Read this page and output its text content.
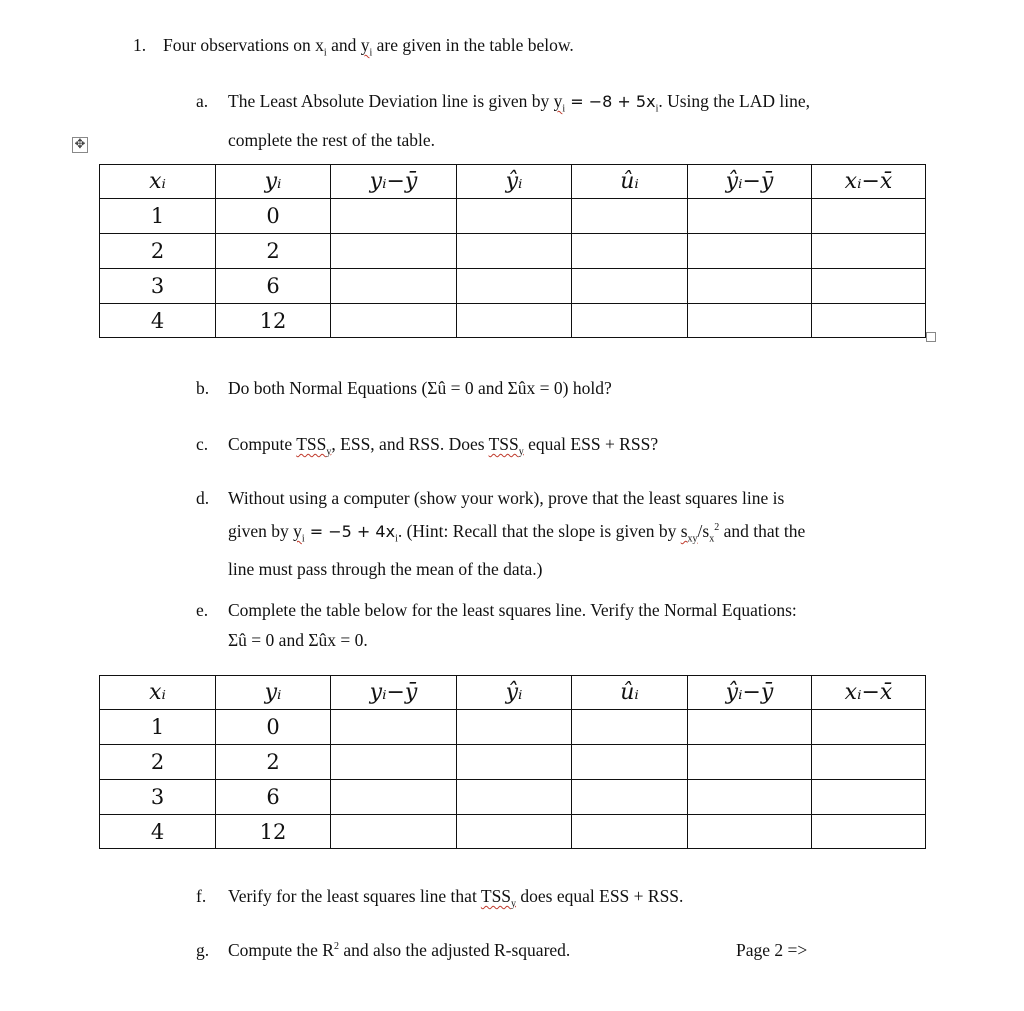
1. Four observations on $x_i$ and $y_i$ are given in the table below.
a. The Least Absolute Deviation line is given by $y_i = -8 + 5x_i$. Using the LAD line,
complete the rest of the table.
✥
xᵢ	yᵢ	yᵢ−ȳ	ŷᵢ	ûᵢ	ŷᵢ−ȳ	xᵢ−x̄
1	0					
2	2					
3	6					
4	12					
b. Do both Normal Equations (Σû = 0 and Σûx = 0) hold?
c. Compute $TSS_y$, ESS, and RSS. Does $TSS_y$ equal ESS + RSS?
d. Without using a computer (show your work), prove that the least squares line is
given by $y_i = -5 + 4x_i$. (Hint: Recall that the slope is given by $s_{xy}/s_x^2$ and that the
line must pass through the mean of the data.)
e. Complete the table below for the least squares line. Verify the Normal Equations:
Σû = 0 and Σûx = 0.
xᵢ	yᵢ	yᵢ−ȳ	ŷᵢ	ûᵢ	ŷᵢ−ȳ	xᵢ−x̄
1	0					
2	2					
3	6					
4	12					
f. Verify for the least squares line that $TSS_y$ does equal ESS + RSS.
g. Compute the $R^2$ and also the adjusted R-squared.	Page 2 =>
